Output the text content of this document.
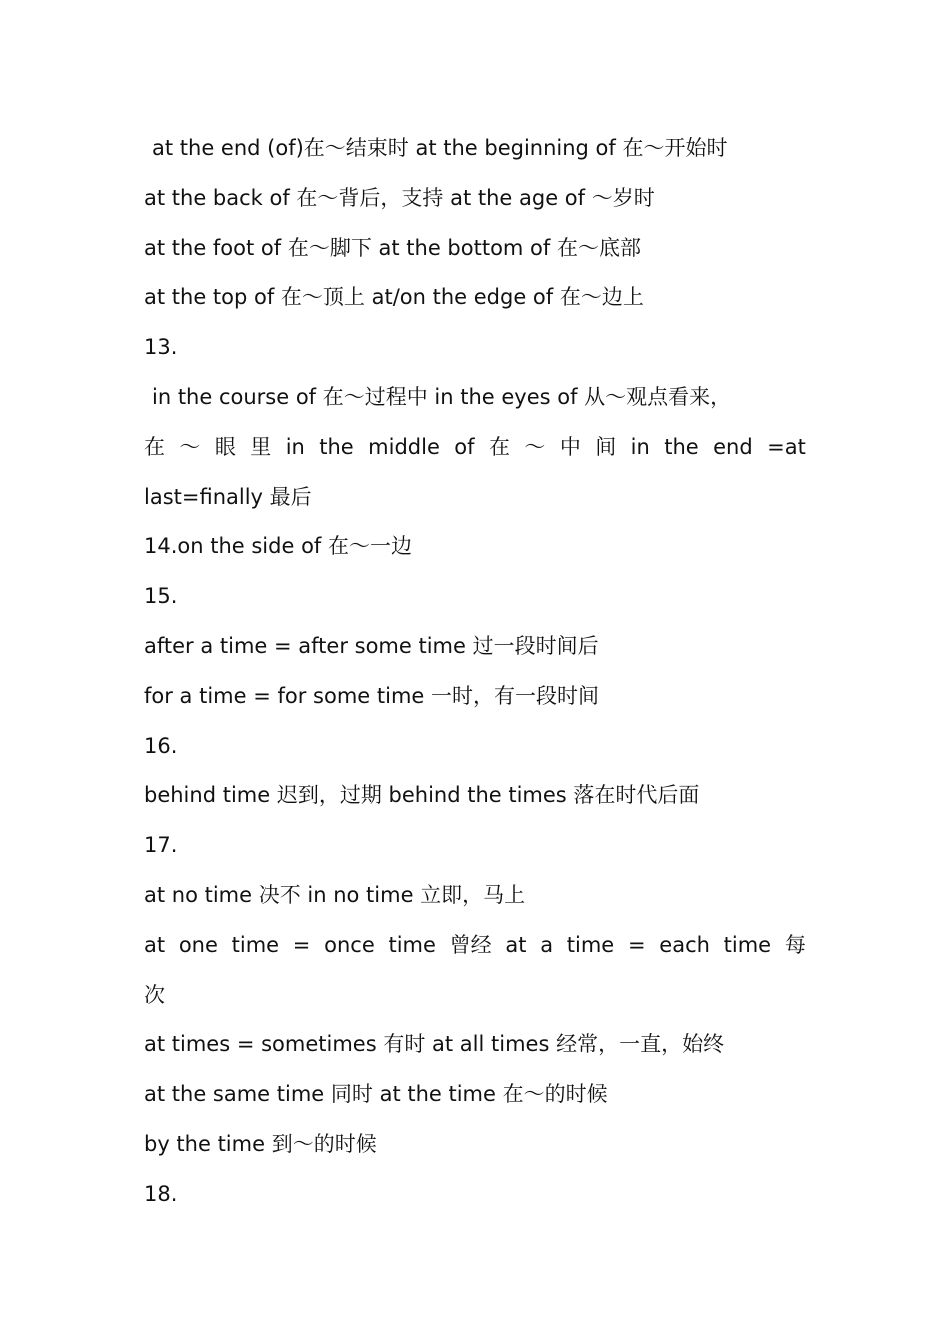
at the end (of)在～结束时 at the beginning of 在～开始时

at the back of 在～背后，支持 at the age of ～岁时

at the foot of 在～脚下 at the bottom of 在～底部

at the top of 在～顶上 at/on the edge of 在～边上

13.

in the course of 在～过程中 in the eyes of 从～观点看来，

在 ～ 眼 里 in the middle of 在 ～ 中 间 in the end =at

last=finally 最后

14.on the side of 在～一边

15.

after a time = after some time 过一段时间后

for a time = for some time 一时，有一段时间

16.

behind time 迟到，过期 behind the times 落在时代后面

17.

at no time 决不 in no time 立即，马上

at one time = once time 曾经 at a time = each time 每

次

at times = sometimes 有时 at all times 经常，一直，始终

at the same time 同时 at the time 在～的时候

by the time 到～的时候

18.
